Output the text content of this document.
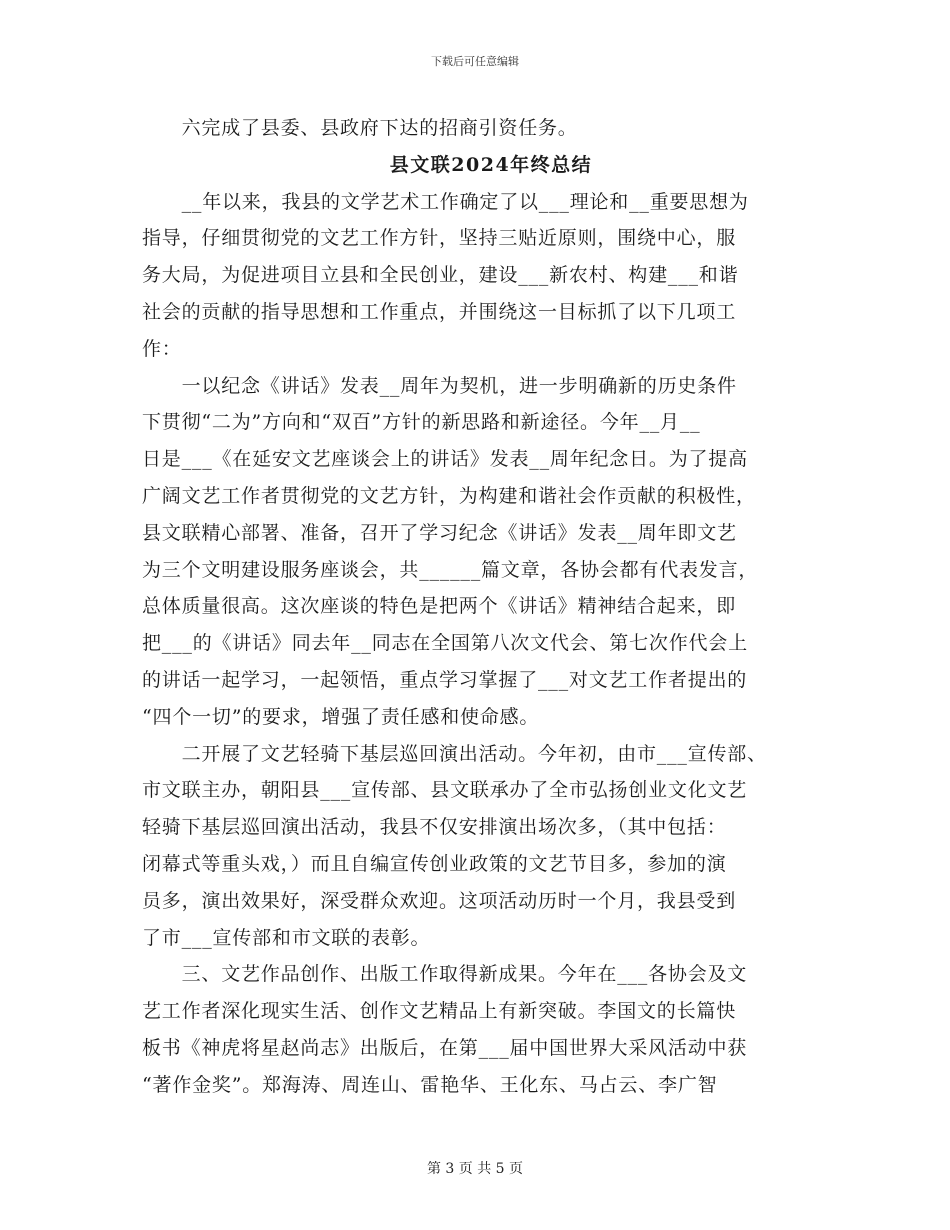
下载后可任意编辑
　　六完成了县委、县政府下达的招商引资任务。
县文联2024年终总结
　　__年以来，我县的文学艺术工作确定了以___理论和__重要思想为
指导，仔细贯彻党的文艺工作方针，坚持三贴近原则，围绕中心，服
务大局，为促进项目立县和全民创业，建设___新农村、构建___和谐
社会的贡献的指导思想和工作重点，并围绕这一目标抓了以下几项工
作：
　　一以纪念《讲话》发表__周年为契机，进一步明确新的历史条件
下贯彻“二为”方向和“双百”方针的新思路和新途径。今年__月__
日是___《在延安文艺座谈会上的讲话》发表__周年纪念日。为了提高
广阔文艺工作者贯彻党的文艺方针，为构建和谐社会作贡献的积极性，
县文联精心部署、准备，召开了学习纪念《讲话》发表__周年即文艺
为三个文明建设服务座谈会，共______篇文章，各协会都有代表发言，
总体质量很高。这次座谈的特色是把两个《讲话》精神结合起来，即
把___的《讲话》同去年__同志在全国第八次文代会、第七次作代会上
的讲话一起学习，一起领悟，重点学习掌握了___对文艺工作者提出的
“四个一切”的要求，增强了责任感和使命感。
　　二开展了文艺轻骑下基层巡回演出活动。今年初，由市___宣传部、
市文联主办，朝阳县___宣传部、县文联承办了全市弘扬创业文化文艺
轻骑下基层巡回演出活动，我县不仅安排演出场次多，（其中包括：
闭幕式等重头戏，）而且自编宣传创业政策的文艺节目多，参加的演
员多，演出效果好，深受群众欢迎。这项活动历时一个月，我县受到
了市___宣传部和市文联的表彰。
　　三、文艺作品创作、出版工作取得新成果。今年在___各协会及文
艺工作者深化现实生活、创作文艺精品上有新突破。李国文的长篇快
板书《神虎将星赵尚志》出版后，在第___届中国世界大采风活动中获
“著作金奖”。郑海涛、周连山、雷艳华、王化东、马占云、李广智
第 3 页 共 5 页
